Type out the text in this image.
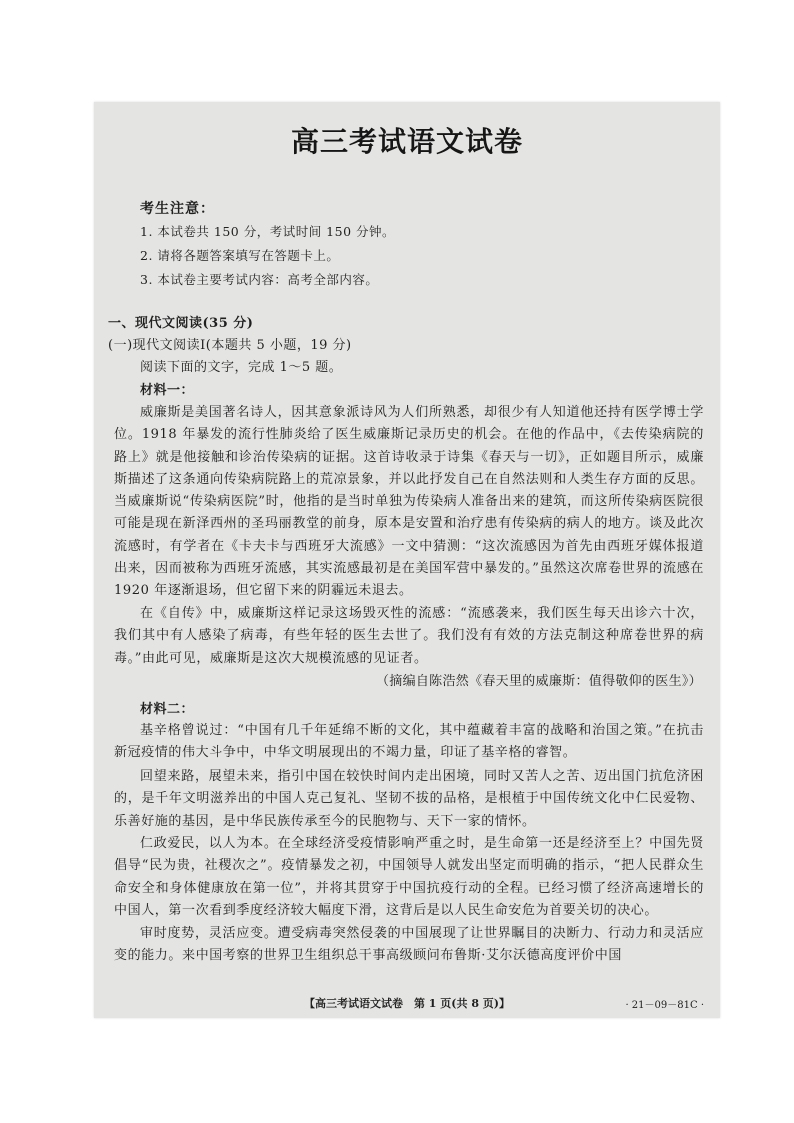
高三考试语文试卷
考生注意：
1. 本试卷共 150 分，考试时间 150 分钟。
2. 请将各题答案填写在答题卡上。
3. 本试卷主要考试内容：高考全部内容。
一、现代文阅读(35 分)
(一)现代文阅读Ⅰ(本题共 5 小题，19 分)
阅读下面的文字，完成 1～5 题。
材料一：

威廉斯是美国著名诗人，因其意象派诗风为人们所熟悉，却很少有人知道他还持有医学博士学位。1918 年暴发的流行性肺炎给了医生威廉斯记录历史的机会。在他的作品中，《去传染病院的路上》就是他接触和诊治传染病的证据。这首诗收录于诗集《春天与一切》，正如题目所示，威廉斯描述了这条通向传染病院路上的荒凉景象，并以此抒发自己在自然法则和人类生存方面的反思。当威廉斯说“传染病医院”时，他指的是当时单独为传染病人准备出来的建筑，而这所传染病医院很可能是现在新泽西州的圣玛丽教堂的前身，原本是安置和治疗患有传染病的病人的地方。谈及此次流感时，有学者在《卡夫卡与西班牙大流感》一文中猜测：“这次流感因为首先由西班牙媒体报道出来，因而被称为西班牙流感，其实流感最初是在美国军营中暴发的。”虽然这次席卷世界的流感在 1920 年逐渐退场，但它留下来的阴霾远未退去。

在《自传》中，威廉斯这样记录这场毁灭性的流感：“流感袭来，我们医生每天出诊六十次，我们其中有人感染了病毒，有些年轻的医生去世了。我们没有有效的方法克制这种席卷世界的病毒。”由此可见，威廉斯是这次大规模流感的见证者。

（摘编自陈浩然《春天里的威廉斯：值得敬仰的医生》）
材料二：

基辛格曾说过：“中国有几千年延绵不断的文化，其中蕴藏着丰富的战略和治国之策。”在抗击新冠疫情的伟大斗争中，中华文明展现出的不竭力量，印证了基辛格的睿智。

回望来路，展望未来，指引中国在较快时间内走出困境，同时又苦人之苦、迈出国门抗危济困的，是千年文明滋养出的中国人克己复礼、坚韧不拔的品格，是根植于中国传统文化中仁民爱物、乐善好施的基因，是中华民族传承至今的民胞物与、天下一家的情怀。

仁政爱民，以人为本。在全球经济受疫情影响严重之时，是生命第一还是经济至上？中国先贤倡导“民为贵，社稷次之”。疫情暴发之初，中国领导人就发出坚定而明确的指示，“把人民群众生命安全和身体健康放在第一位”，并将其贯穿于中国抗疫行动的全程。已经习惯了经济高速增长的中国人，第一次看到季度经济较大幅度下滑，这背后是以人民生命安危为首要关切的决心。

审时度势，灵活应变。遭受病毒突然侵袭的中国展现了让世界瞩目的决断力、行动力和灵活应变的能力。来中国考察的世界卫生组织总干事高级顾问布鲁斯·艾尔沃德高度评价中国

【高三考试语文试卷　第 1 页(共 8 页)】	· 21－09－81C ·
